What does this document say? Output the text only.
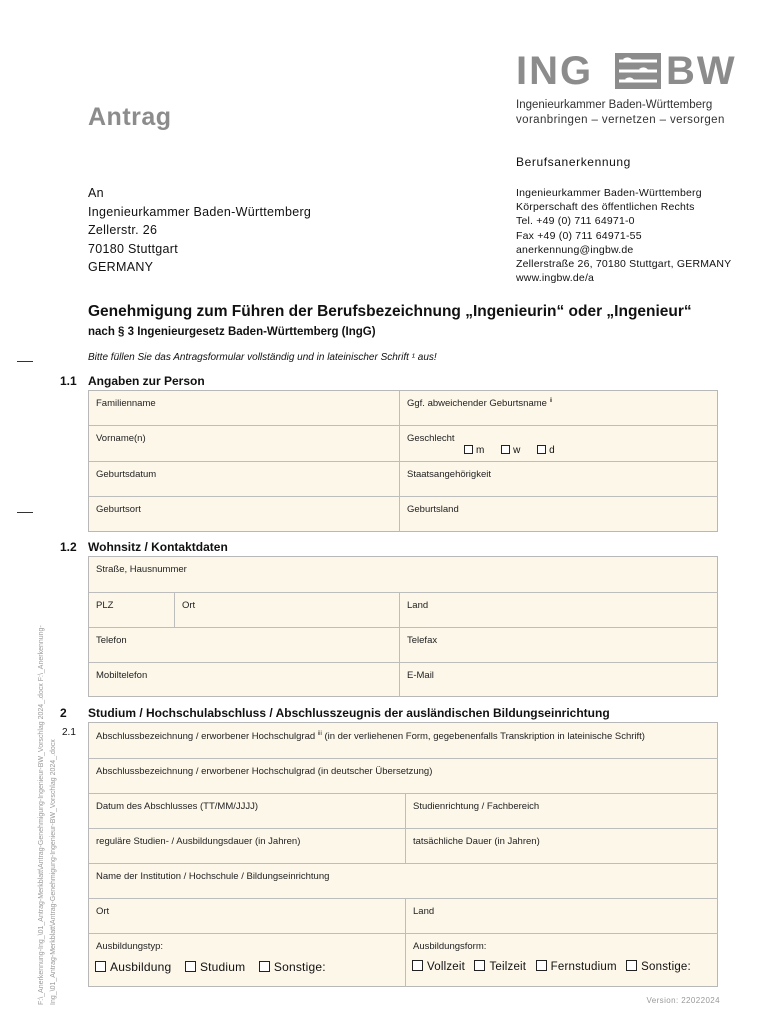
Antrag
ING BW
Ingenieurkammer Baden-Württemberg
voranbringen – vernetzen – versorgen
Berufsanerkennung
An
Ingenieurkammer Baden-Württemberg
Zellerstr. 26
70180 Stuttgart
GERMANY
Ingenieurkammer Baden-Württemberg
Körperschaft des öffentlichen Rechts
Tel. +49 (0) 711 64971-0
Fax +49 (0) 711 64971-55
anerkennung@ingbw.de
Zellerstraße 26, 70180 Stuttgart, GERMANY
www.ingbw.de/a
Genehmigung zum Führen der Berufsbezeichnung „Ingenieurin“ oder „Ingenieur“
nach § 3 Ingenieurgesetz Baden-Württemberg (IngG)
Bitte füllen Sie das Antragsformular vollständig und in lateinischer Schrift ¹ aus!
1.1 Angaben zur Person
Familienname	Ggf. abweichender Geburtsname $^{ii}$
Vorname(n)	Geschlecht
m	w	d
Geburtsdatum	Staatsangehörigkeit
Geburtsort	Geburtsland
1.2 Wohnsitz / Kontaktdaten
Straße, Hausnummer
PLZ	Ort	Land
Telefon	Telefax
Mobiltelefon	E-Mail
2 Studium / Hochschulabschluss / Abschlusszeugnis der ausländischen Bildungseinrichtung
2.1 Abschlussbezeichnung / erworbener Hochschulgrad $^{iii}$ (in der verliehenen Form, gegebenenfalls Transkription in lateinische Schrift)
Abschlussbezeichnung / erworbener Hochschulgrad (in deutscher Übersetzung)
Datum des Abschlusses (TT/MM/JJJJ)	Studienrichtung / Fachbereich
reguläre Studien- / Ausbildungsdauer (in Jahren)	tatsächliche Dauer (in Jahren)
Name der Institution / Hochschule / Bildungseinrichtung
Ort	Land
Ausbildungstyp:
Ausbildung Studium Sonstige:
Ausbildungsform:
Vollzeit Teilzeit Fernstudium Sonstige:
F:\_Anerkennung-Ing_\01_Antrag-Merkblatt\Antrag-Genehmigung-Ingenieur-BW_Vorschlag 2024_.docx F:\_Anerkennung- Ing_\01_Antrag-Merkblatt\Antrag-Genehmigung-Ingenieur-BW_Vorschlag 2024_.docx	Version: 22022024
